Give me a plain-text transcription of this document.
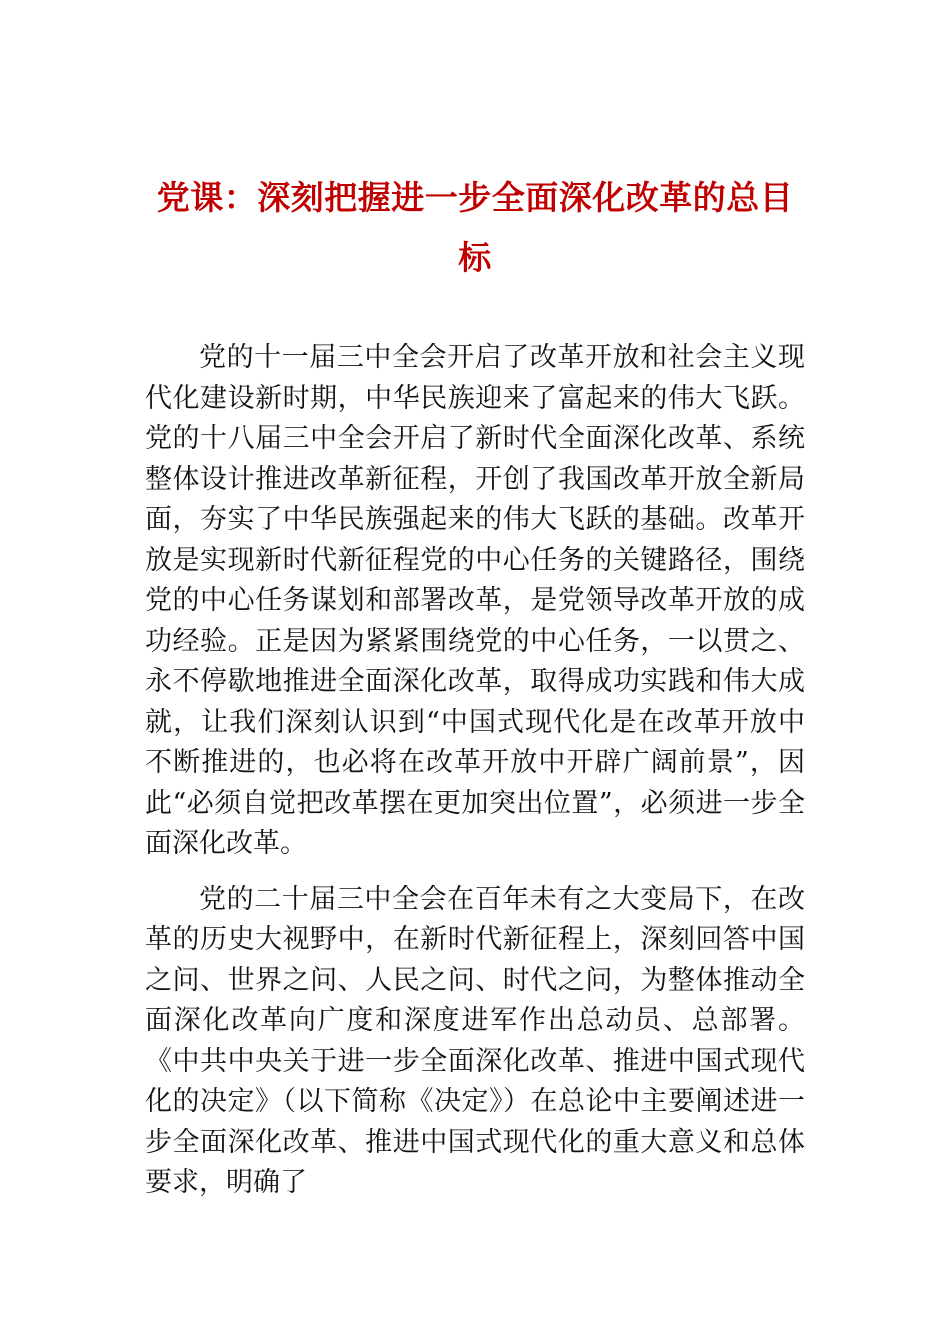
党课：深刻把握进一步全面深化改革的总目标

党的十一届三中全会开启了改革开放和社会主义现代化建设新时期，中华民族迎来了富起来的伟大飞跃。党的十八届三中全会开启了新时代全面深化改革、系统整体设计推进改革新征程，开创了我国改革开放全新局面，夯实了中华民族强起来的伟大飞跃的基础。改革开放是实现新时代新征程党的中心任务的关键路径，围绕党的中心任务谋划和部署改革，是党领导改革开放的成功经验。正是因为紧紧围绕党的中心任务，一以贯之、永不停歇地推进全面深化改革，取得成功实践和伟大成就，让我们深刻认识到“中国式现代化是在改革开放中不断推进的，也必将在改革开放中开辟广阔前景”，因此“必须自觉把改革摆在更加突出位置”，必须进一步全面深化改革。

党的二十届三中全会在百年未有之大变局下，在改革的历史大视野中，在新时代新征程上，深刻回答中国之问、世界之问、人民之问、时代之问，为整体推动全面深化改革向广度和深度进军作出总动员、总部署。《中共中央关于进一步全面深化改革、推进中国式现代化的决定》（以下简称《决定》）在总论中主要阐述进一步全面深化改革、推进中国式现代化的重大意义和总体要求，明确了
